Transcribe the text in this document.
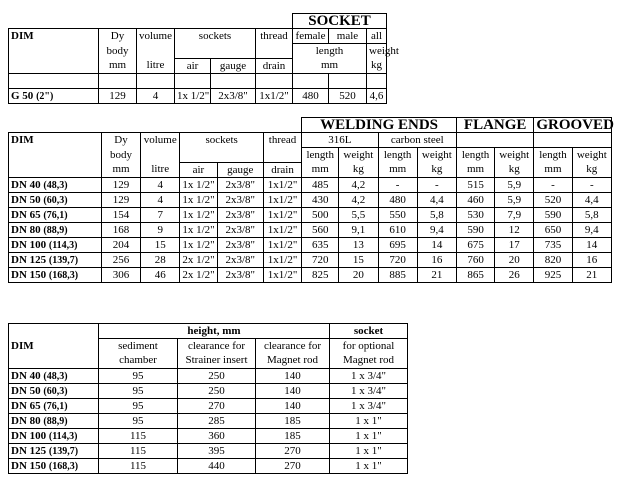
						SOCKET		
DIM	Dy	volume	sockets		thread	female	male	all
	body					length		weight
	mm	litre	air	gauge	drain	mm		kg

G 50 (2")	129	4	1x 1/2"	2x3/8"	1x1/2"	480	520	4,6
						WELDING ENDS				FLANGE		GROOVED	
DIM	Dy	volume	sockets		thread	316L		carbon steel					
	body					length	weight	length	weight	length	weight	length	weight
	mm	litre	air	gauge	drain	mm	kg	mm	kg	mm	kg	mm	kg
DN 40 (48,3)	129	4	1x 1/2"	2x3/8"	1x1/2"	485	4,2	-	-	515	5,9	-	-
DN 50 (60,3)	129	4	1x 1/2"	2x3/8"	1x1/2"	430	4,2	480	4,4	460	5,9	520	4,4
DN 65 (76,1)	154	7	1x 1/2"	2x3/8"	1x1/2"	500	5,5	550	5,8	530	7,9	590	5,8
DN 80 (88,9)	168	9	1x 1/2"	2x3/8"	1x1/2"	560	9,1	610	9,4	590	12	650	9,4
DN 100 (114,3)	204	15	1x 1/2"	2x3/8"	1x1/2"	635	13	695	14	675	17	735	14
DN 125 (139,7)	256	28	2x 1/2"	2x3/8"	1x1/2"	720	15	720	16	760	20	820	16
DN 150 (168,3)	306	46	2x 1/2"	2x3/8"	1x1/2"	825	20	885	21	865	26	925	21
	height, mm			socket
DIM	sediment	clearance for	clearance for	for optional
	chamber	Strainer insert	Magnet rod	Magnet rod
DN 40 (48,3)	95	250	140	1 x 3/4"
DN 50 (60,3)	95	250	140	1 x 3/4"
DN 65 (76,1)	95	270	140	1 x 3/4"
DN 80 (88,9)	95	285	185	1 x 1"
DN 100 (114,3)	115	360	185	1 x 1"
DN 125 (139,7)	115	395	270	1 x 1"
DN 150 (168,3)	115	440	270	1 x 1"
